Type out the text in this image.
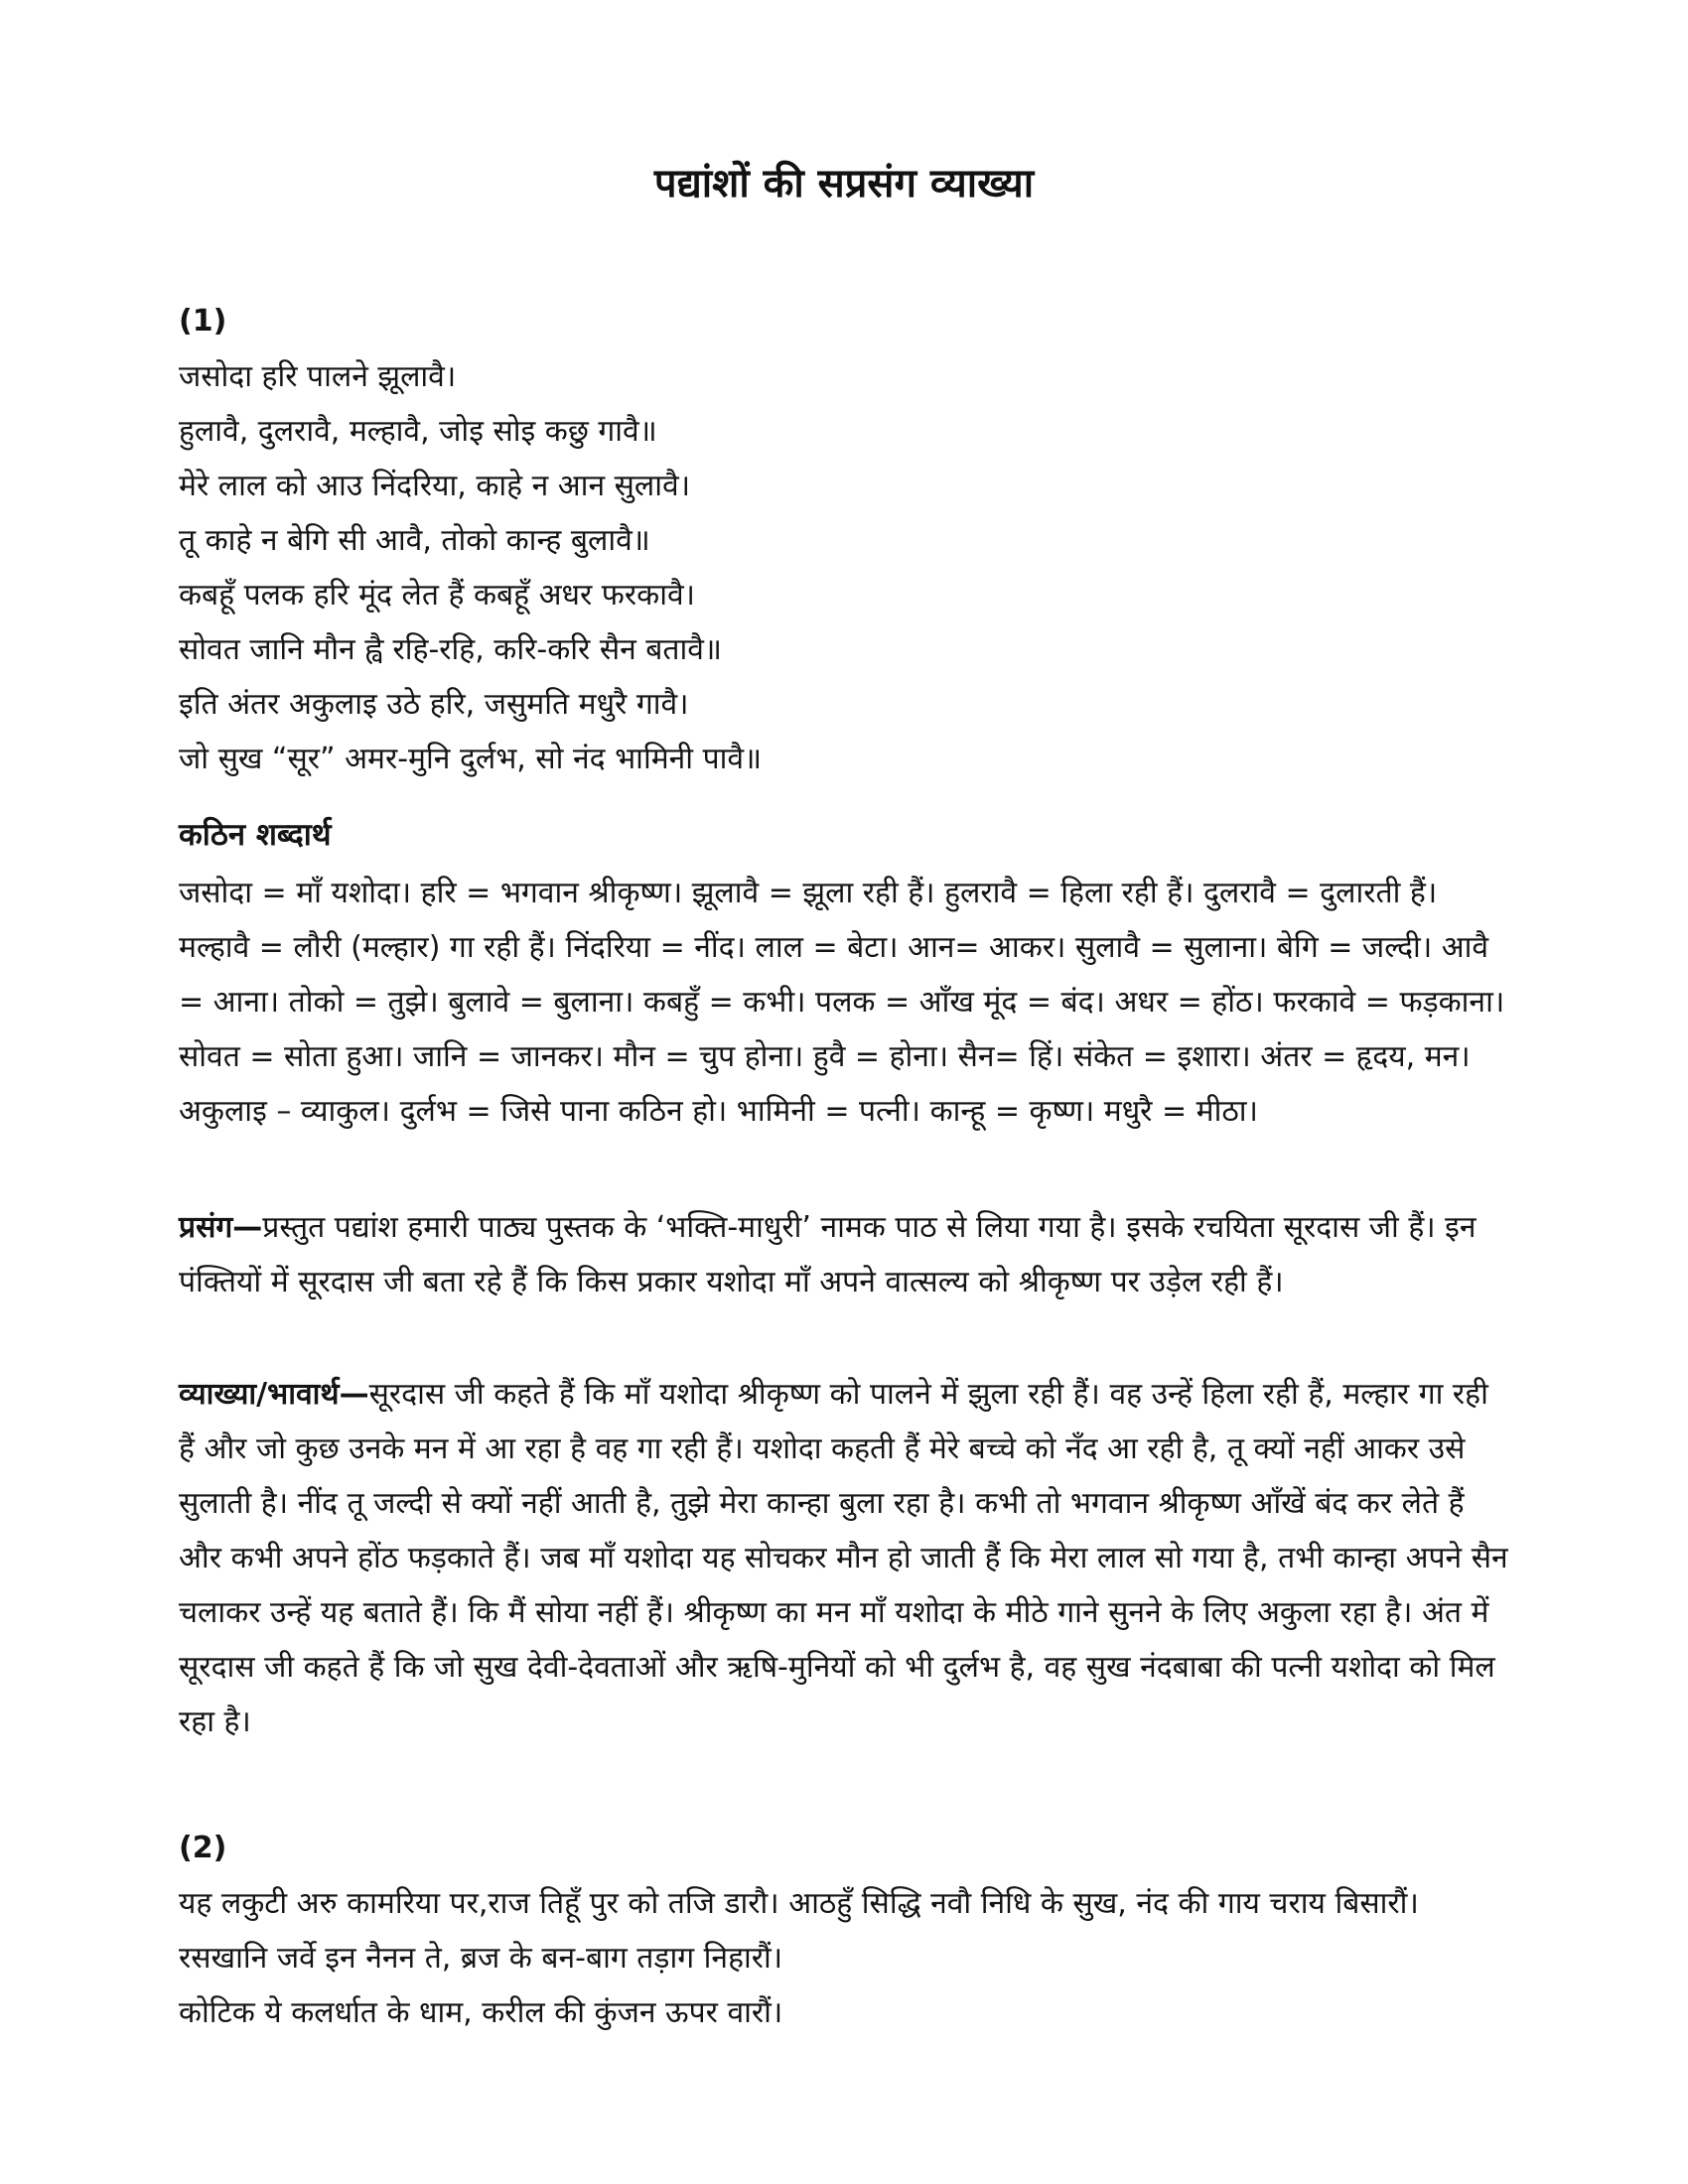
पद्यांशों की सप्रसंग व्याख्या
(1)
जसोदा हरि पालने झूलावै।
हुलावै, दुलरावै, मल्हावै, जोइ सोइ कछु गावै॥
मेरे लाल को आउ निंदरिया, काहे न आन सुलावै।
तू काहे न बेगि सी आवै, तोको कान्ह बुलावै॥
कबहूँ पलक हरि मूंद लेत हैं कबहूँ अधर फरकावै।
सोवत जानि मौन ह्वै रहि-रहि, करि-करि सैन बतावै॥
इति अंतर अकुलाइ उठे हरि, जसुमति मधुरै गावै।
जो सुख “सूर” अमर-मुनि दुर्लभ, सो नंद भामिनी पावै॥
कठिन शब्दार्थ

जसोदा = माँ यशोदा। हरि = भगवान श्रीकृष्ण। झूलावै = झूला रही हैं। हुलरावै = हिला रही हैं। दुलरावै = दुलारती हैं। मल्हावै = लौरी (मल्हार) गा रही हैं। निंदरिया = नींद। लाल = बेटा। आन= आकर। सुलावै = सुलाना। बेगि = जल्दी। आवै = आना। तोको = तुझे। बुलावे = बुलाना। कबहुँ = कभी। पलक = आँख मूंद = बंद। अधर = होंठ। फरकावे = फड़काना। सोवत = सोता हुआ। जानि = जानकर। मौन = चुप होना। हुवै = होना। सैन= हिं। संकेत = इशारा। अंतर = हृदय, मन। अकुलाइ – व्याकुल। दुर्लभ = जिसे पाना कठिन हो। भामिनी = पत्नी। कान्हू = कृष्ण। मधुरै = मीठा।

प्रसंग—प्रस्तुत पद्यांश हमारी पाठ्य पुस्तक के ‘भक्ति-माधुरी’ नामक पाठ से लिया गया है। इसके रचयिता सूरदास जी हैं। इन पंक्तियों में सूरदास जी बता रहे हैं कि किस प्रकार यशोदा माँ अपने वात्सल्य को श्रीकृष्ण पर उड़ेल रही हैं।

व्याख्या/भावार्थ—सूरदास जी कहते हैं कि माँ यशोदा श्रीकृष्ण को पालने में झुला रही हैं। वह उन्हें हिला रही हैं, मल्हार गा रही हैं और जो कुछ उनके मन में आ रहा है वह गा रही हैं। यशोदा कहती हैं मेरे बच्चे को नँद आ रही है, तू क्यों नहीं आकर उसे सुलाती है। नींद तू जल्दी से क्यों नहीं आती है, तुझे मेरा कान्हा बुला रहा है। कभी तो भगवान श्रीकृष्ण आँखें बंद कर लेते हैं और कभी अपने होंठ फड़काते हैं। जब माँ यशोदा यह सोचकर मौन हो जाती हैं कि मेरा लाल सो गया है, तभी कान्हा अपने सैन चलाकर उन्हें यह बताते हैं। कि मैं सोया नहीं हैं। श्रीकृष्ण का मन माँ यशोदा के मीठे गाने सुनने के लिए अकुला रहा है। अंत में सूरदास जी कहते हैं कि जो सुख देवी-देवताओं और ऋषि-मुनियों को भी दुर्लभ है, वह सुख नंदबाबा की पत्नी यशोदा को मिल रहा है।

(2)

यह लकुटी अरु कामरिया पर,राज तिहूँ पुर को तजि डारौ। आठहुँ सिद्धि नवौ निधि के सुख, नंद की गाय चराय बिसारौं। रसखानि जर्वे इन नैनन ते, ब्रज के बन-बाग तड़ाग निहारौं।

कोटिक ये कलर्धात के धाम, करील की कुंजन ऊपर वारौं।
